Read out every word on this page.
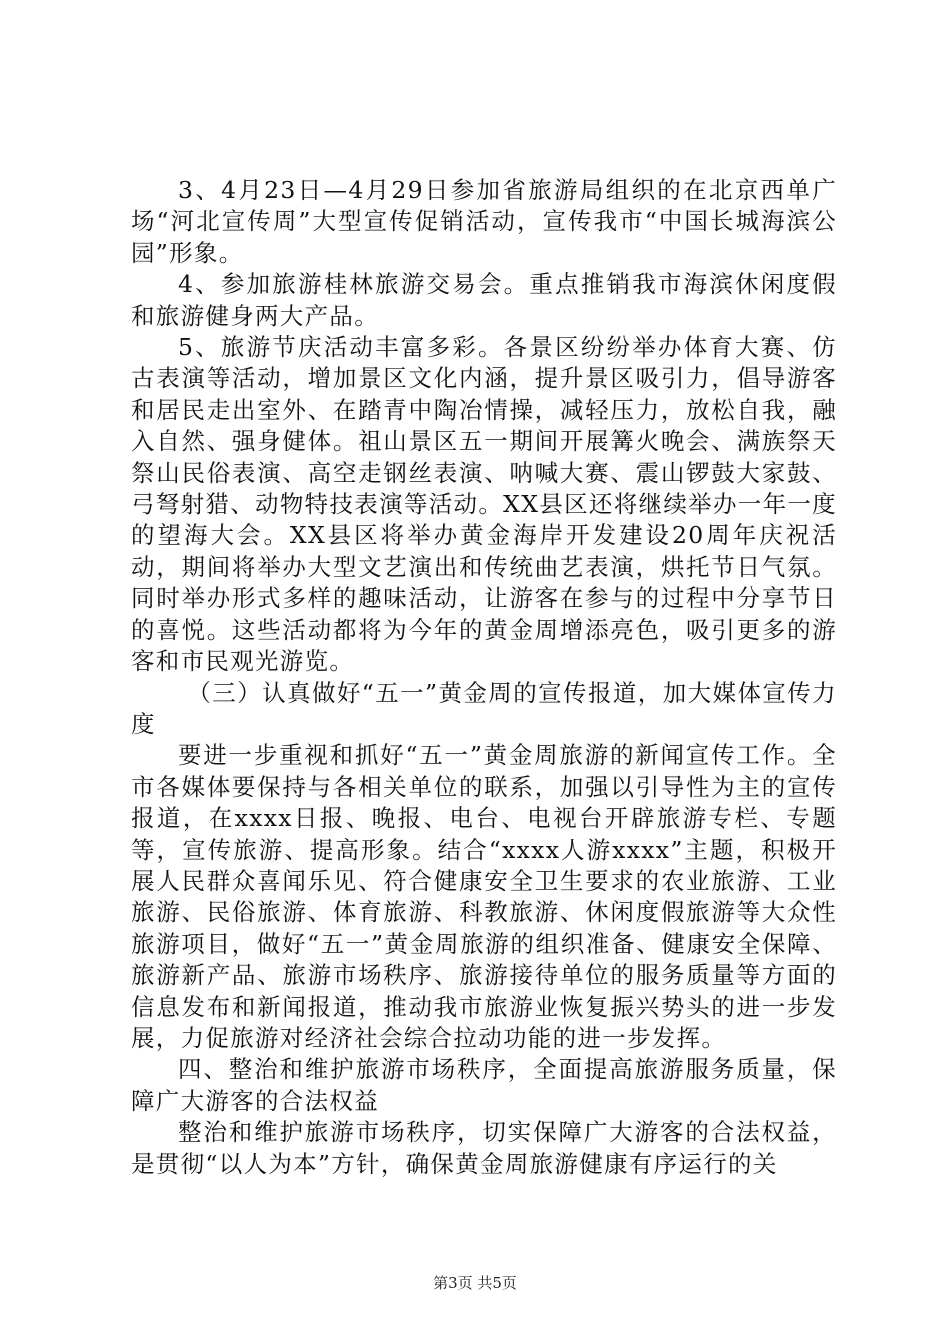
3、4月23日—4月29日参加省旅游局组织的在北京西单广场“河北宣传周”大型宣传促销活动，宣传我市“中国长城海滨公园”形象。

4、参加旅游桂林旅游交易会。重点推销我市海滨休闲度假和旅游健身两大产品。

5、旅游节庆活动丰富多彩。各景区纷纷举办体育大赛、仿古表演等活动，增加景区文化内涵，提升景区吸引力，倡导游客和居民走出室外、在踏青中陶冶情操，减轻压力，放松自我，融入自然、强身健体。祖山景区五一期间开展篝火晚会、满族祭天祭山民俗表演、高空走钢丝表演、呐喊大赛、震山锣鼓大家鼓、弓弩射猎、动物特技表演等活动。XX县区还将继续举办一年一度的望海大会。XX县区将举办黄金海岸开发建设20周年庆祝活动，期间将举办大型文艺演出和传统曲艺表演，烘托节日气氛。同时举办形式多样的趣味活动，让游客在参与的过程中分享节日的喜悦。这些活动都将为今年的黄金周增添亮色，吸引更多的游客和市民观光游览。

（三）认真做好“五一”黄金周的宣传报道，加大媒体宣传力度

要进一步重视和抓好“五一”黄金周旅游的新闻宣传工作。全市各媒体要保持与各相关单位的联系，加强以引导性为主的宣传报道，在xxxx日报、晚报、电台、电视台开辟旅游专栏、专题等，宣传旅游、提高形象。结合“xxxx人游xxxx”主题，积极开展人民群众喜闻乐见、符合健康安全卫生要求的农业旅游、工业旅游、民俗旅游、体育旅游、科教旅游、休闲度假旅游等大众性旅游项目，做好“五一”黄金周旅游的组织准备、健康安全保障、旅游新产品、旅游市场秩序、旅游接待单位的服务质量等方面的信息发布和新闻报道，推动我市旅游业恢复振兴势头的进一步发展，力促旅游对经济社会综合拉动功能的进一步发挥。

四、整治和维护旅游市场秩序，全面提高旅游服务质量，保障广大游客的合法权益

整治和维护旅游市场秩序，切实保障广大游客的合法权益，是贯彻“以人为本”方针，确保黄金周旅游健康有序运行的关

第3页 共5页
